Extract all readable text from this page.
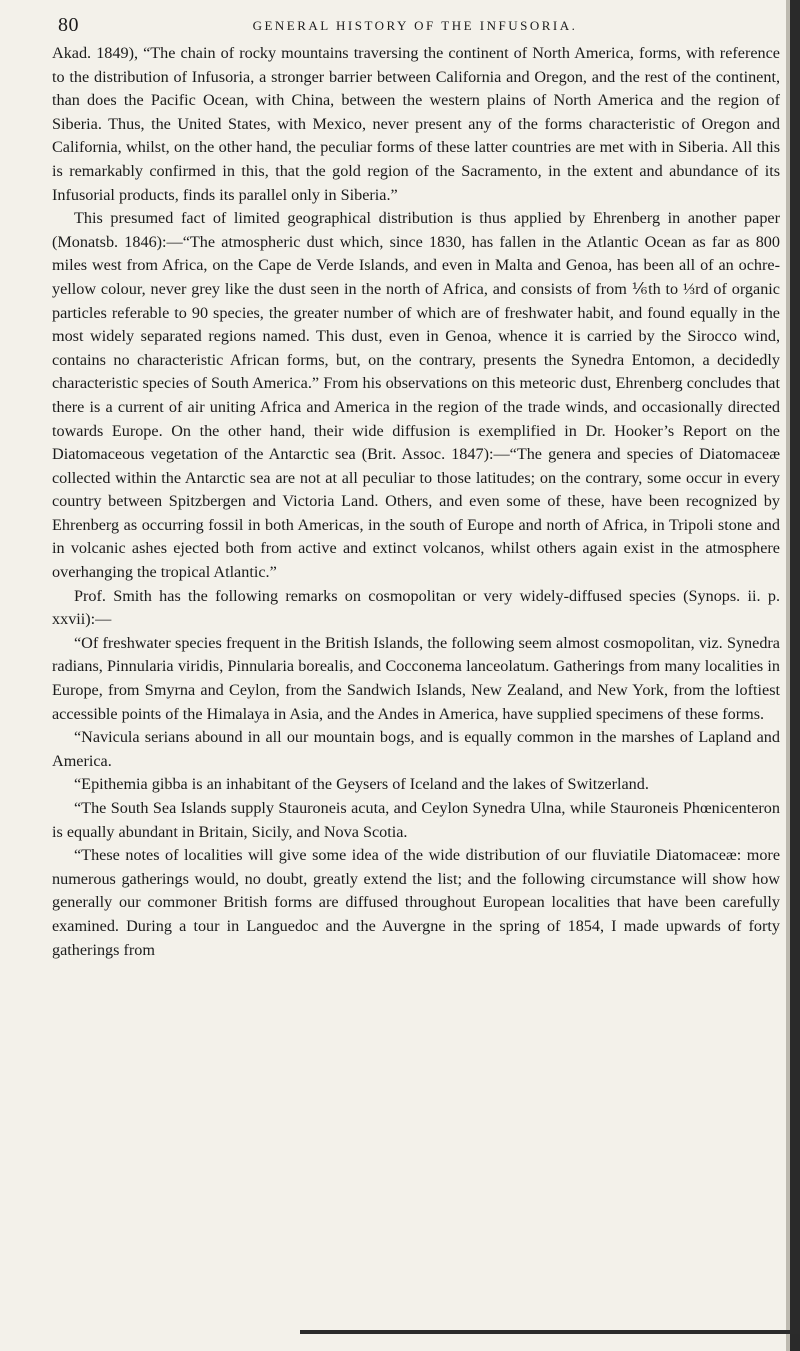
80	GENERAL HISTORY OF THE INFUSORIA.

Akad. 1849), “The chain of rocky mountains traversing the continent of North America, forms, with reference to the distribution of Infusoria, a stronger barrier between California and Oregon, and the rest of the continent, than does the Pacific Ocean, with China, between the western plains of North America and the region of Siberia. Thus, the United States, with Mexico, never present any of the forms characteristic of Oregon and California, whilst, on the other hand, the peculiar forms of these latter countries are met with in Siberia. All this is remarkably confirmed in this, that the gold region of the Sacramento, in the extent and abundance of its Infusorial products, finds its parallel only in Siberia.”

This presumed fact of limited geographical distribution is thus applied by Ehrenberg in another paper (Monatsb. 1846):—“The atmospheric dust which, since 1830, has fallen in the Atlantic Ocean as far as 800 miles west from Africa, on the Cape de Verde Islands, and even in Malta and Genoa, has been all of an ochre-yellow colour, never grey like the dust seen in the north of Africa, and consists of from ⅙th to ⅓rd of organic particles referable to 90 species, the greater number of which are of freshwater habit, and found equally in the most widely separated regions named. This dust, even in Genoa, whence it is carried by the Sirocco wind, contains no characteristic African forms, but, on the contrary, presents the Synedra Entomon, a decidedly characteristic species of South America.” From his observations on this meteoric dust, Ehrenberg concludes that there is a current of air uniting Africa and America in the region of the trade winds, and occasionally directed towards Europe. On the other hand, their wide diffusion is exemplified in Dr. Hooker’s Report on the Diatomaceous vegetation of the Antarctic sea (Brit. Assoc. 1847):—“The genera and species of Diatomaceæ collected within the Antarctic sea are not at all peculiar to those latitudes; on the contrary, some occur in every country between Spitzbergen and Victoria Land. Others, and even some of these, have been recognized by Ehrenberg as occurring fossil in both Americas, in the south of Europe and north of Africa, in Tripoli stone and in volcanic ashes ejected both from active and extinct volcanos, whilst others again exist in the atmosphere overhanging the tropical Atlantic.”

Prof. Smith has the following remarks on cosmopolitan or very widely-diffused species (Synops. ii. p. xxvii):—

“Of freshwater species frequent in the British Islands, the following seem almost cosmopolitan, viz. Synedra radians, Pinnularia viridis, Pinnularia borealis, and Cocconema lanceolatum. Gatherings from many localities in Europe, from Smyrna and Ceylon, from the Sandwich Islands, New Zealand, and New York, from the loftiest accessible points of the Himalaya in Asia, and the Andes in America, have supplied specimens of these forms.

“Navicula serians abound in all our mountain bogs, and is equally common in the marshes of Lapland and America.

“Epithemia gibba is an inhabitant of the Geysers of Iceland and the lakes of Switzerland.

“The South Sea Islands supply Stauroneis acuta, and Ceylon Synedra Ulna, while Stauroneis Phœnicenteron is equally abundant in Britain, Sicily, and Nova Scotia.

“These notes of localities will give some idea of the wide distribution of our fluviatile Diatomaceæ: more numerous gatherings would, no doubt, greatly extend the list; and the following circumstance will show how generally our commoner British forms are diffused throughout European localities that have been carefully examined. During a tour in Languedoc and the Auvergne in the spring of 1854, I made upwards of forty gatherings from
